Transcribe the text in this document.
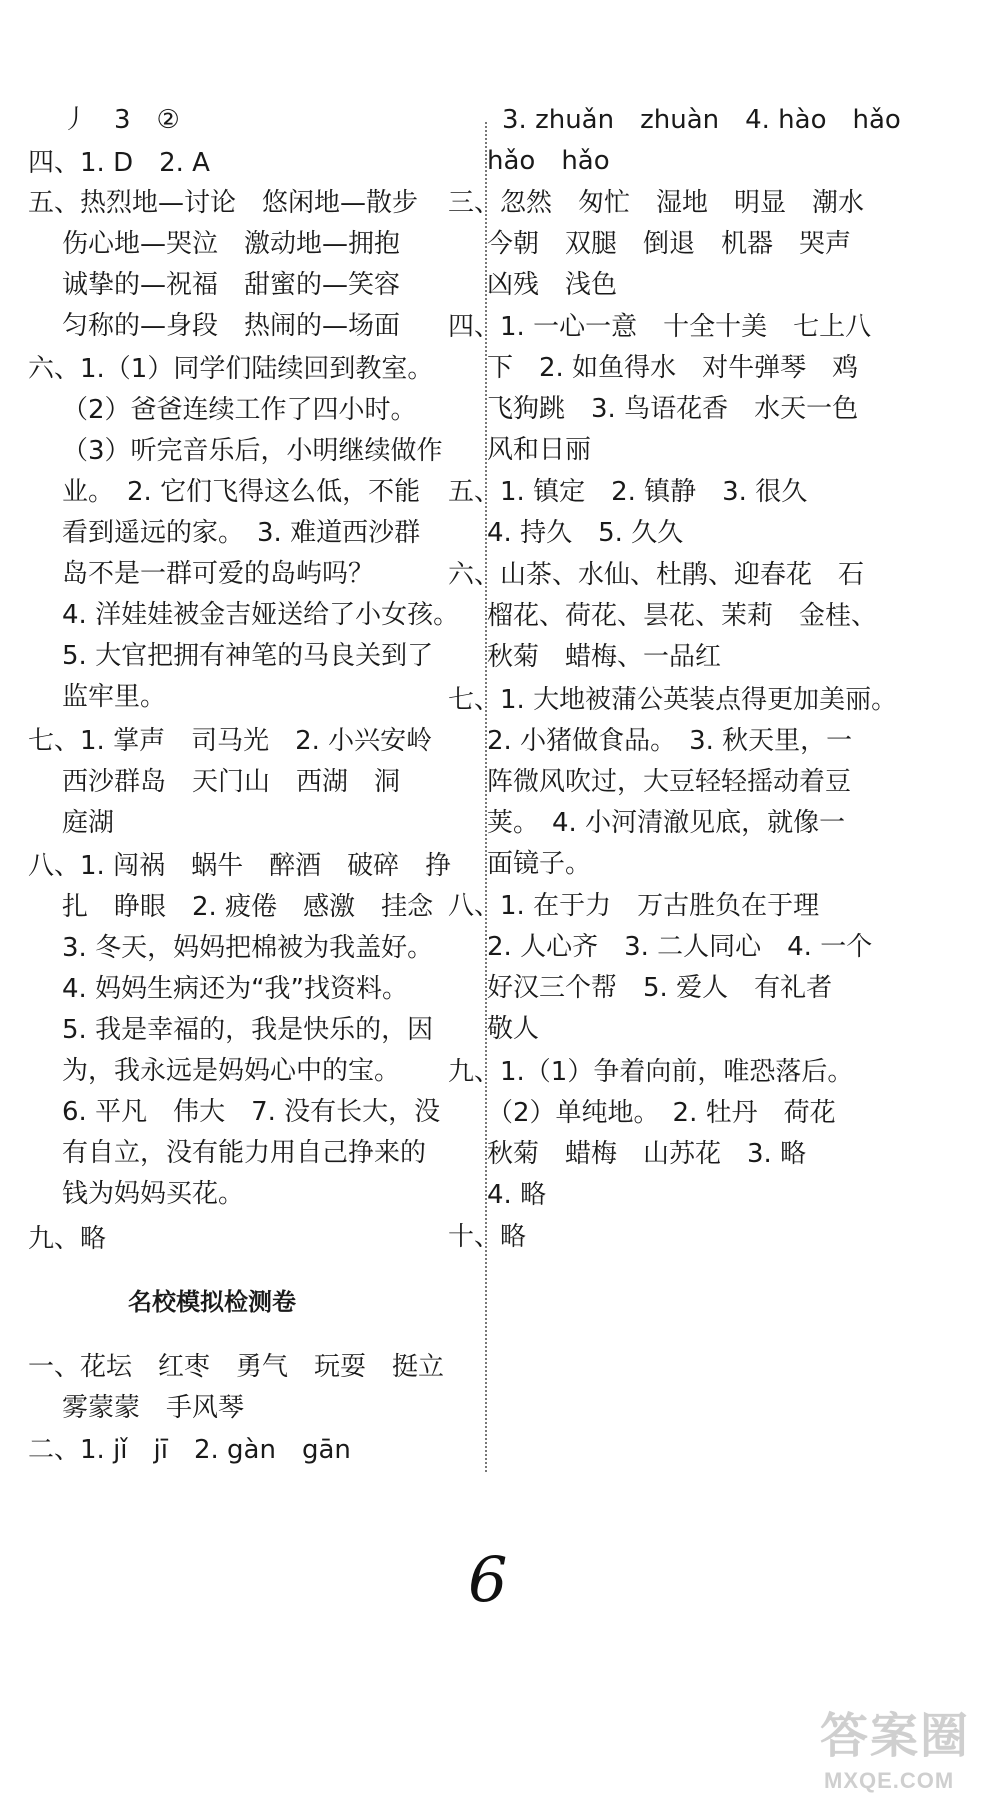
丿　3　②
四、1. D　2. A
五、热烈地—讨论　悠闲地—散步
伤心地—哭泣　激动地—拥抱
诚挚的—祝福　甜蜜的—笑容
匀称的—身段　热闹的—场面
六、1.（1）同学们陆续回到教室。
（2）爸爸连续工作了四小时。
（3）听完音乐后，小明继续做作
业。　2. 它们飞得这么低，不能
看到遥远的家。　3. 难道西沙群
岛不是一群可爱的岛屿吗？
4. 洋娃娃被金吉娅送给了小女孩。
5. 大官把拥有神笔的马良关到了
监牢里。
七、1. 掌声　司马光　2. 小兴安岭
西沙群岛　天门山　西湖　洞
庭湖
八、1. 闯祸　蜗牛　醉酒　破碎　挣
扎　睁眼　2. 疲倦　感激　挂念
3. 冬天，妈妈把棉被为我盖好。
4. 妈妈生病还为“我”找资料。
5. 我是幸福的，我是快乐的，因
为，我永远是妈妈心中的宝。
6. 平凡　伟大　7. 没有长大，没
有自立，没有能力用自己挣来的
钱为妈妈买花。
九、略
名校模拟检测卷
一、花坛　红枣　勇气　玩耍　挺立
雾蒙蒙　手风琴
二、1. jǐ　jī　2. gàn　gān
3. zhuǎn　zhuàn　4. hào　hǎo
hǎo　hǎo
三、忽然　匆忙　湿地　明显　潮水
今朝　双腿　倒退　机器　哭声
凶残　浅色
四、1. 一心一意　十全十美　七上八
下　2. 如鱼得水　对牛弹琴　鸡
飞狗跳　3. 鸟语花香　水天一色
风和日丽
五、1. 镇定　2. 镇静　3. 很久
4. 持久　5. 久久
六、山茶、水仙、杜鹃、迎春花　石
榴花、荷花、昙花、茉莉　金桂、
秋菊　蜡梅、一品红
七、1. 大地被蒲公英装点得更加美丽。
2. 小猪做食品。　3. 秋天里，一
阵微风吹过，大豆轻轻摇动着豆
荚。　4. 小河清澈见底，就像一
面镜子。
八、1. 在于力　万古胜负在于理
2. 人心齐　3. 二人同心　4. 一个
好汉三个帮　5. 爱人　有礼者
敬人
九、1.（1）争着向前，唯恐落后。
（2）单纯地。　2. 牡丹　荷花
秋菊　蜡梅　山苏花　3. 略
4. 略
十、略
6
答案圈
MXQE.COM
